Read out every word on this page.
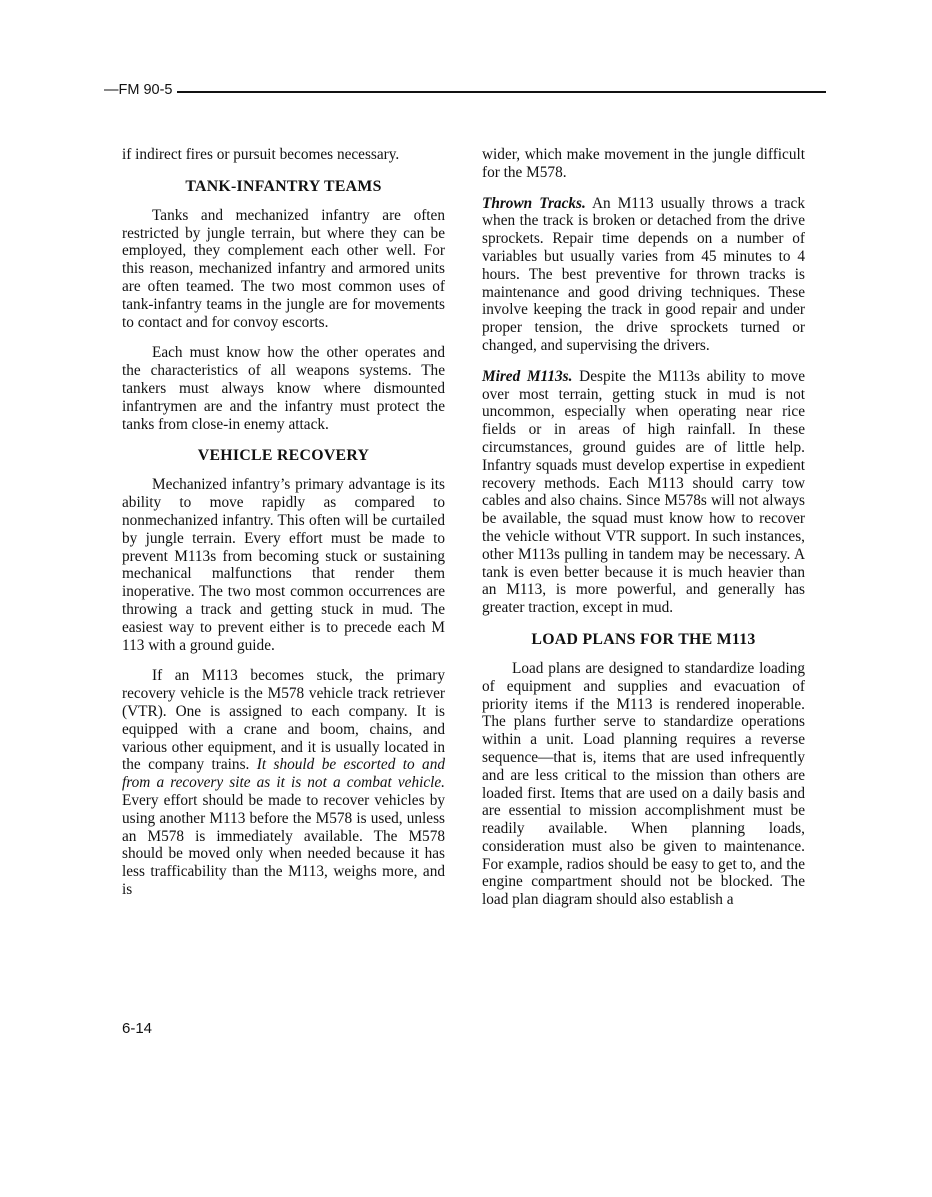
—FM 90-5

if indirect fires or pursuit becomes necessary.

TANK-INFANTRY TEAMS

Tanks and mechanized infantry are often restricted by jungle terrain, but where they can be employed, they complement each other well. For this reason, mechanized infantry and armored units are often teamed. The two most common uses of tank-infantry teams in the jungle are for movements to contact and for convoy escorts.

Each must know how the other operates and the characteristics of all weapons systems. The tankers must always know where dismounted infantrymen are and the infantry must protect the tanks from close-in enemy attack.

VEHICLE RECOVERY

Mechanized infantry’s primary advantage is its ability to move rapidly as compared to nonmechanized infantry. This often will be curtailed by jungle terrain. Every effort must be made to prevent M113s from becoming stuck or sustaining mechanical malfunctions that render them inoperative. The two most common occurrences are throwing a track and getting stuck in mud. The easiest way to prevent either is to precede each M 113 with a ground guide.

If an M113 becomes stuck, the primary recovery vehicle is the M578 vehicle track retriever (VTR). One is assigned to each company. It is equipped with a crane and boom, chains, and various other equipment, and it is usually located in the company trains. It should be escorted to and from a recovery site as it is not a combat vehicle. Every effort should be made to recover vehicles by using another M113 before the M578 is used, unless an M578 is immediately available. The M578 should be moved only when needed because it has less trafficability than the M113, weighs more, and is

wider, which make movement in the jungle difficult for the M578.

Thrown Tracks. An M113 usually throws a track when the track is broken or detached from the drive sprockets. Repair time depends on a number of variables but usually varies from 45 minutes to 4 hours. The best preventive for thrown tracks is maintenance and good driving techniques. These involve keeping the track in good repair and under proper tension, the drive sprockets turned or changed, and supervising the drivers.

Mired M113s. Despite the M113s ability to move over most terrain, getting stuck in mud is not uncommon, especially when operating near rice fields or in areas of high rainfall. In these circumstances, ground guides are of little help. Infantry squads must develop expertise in expedient recovery methods. Each M113 should carry tow cables and also chains. Since M578s will not always be available, the squad must know how to recover the vehicle without VTR support. In such instances, other M113s pulling in tandem may be necessary. A tank is even better because it is much heavier than an M113, is more powerful, and generally has greater traction, except in mud.

LOAD PLANS FOR THE M113

Load plans are designed to standardize loading of equipment and supplies and evacuation of priority items if the M113 is rendered inoperable. The plans further serve to standardize operations within a unit. Load planning requires a reverse sequence—that is, items that are used infrequently and are less critical to the mission than others are loaded first. Items that are used on a daily basis and are essential to mission accomplishment must be readily available. When planning loads, consideration must also be given to maintenance. For example, radios should be easy to get to, and the engine compartment should not be blocked. The load plan diagram should also establish a

6-14
